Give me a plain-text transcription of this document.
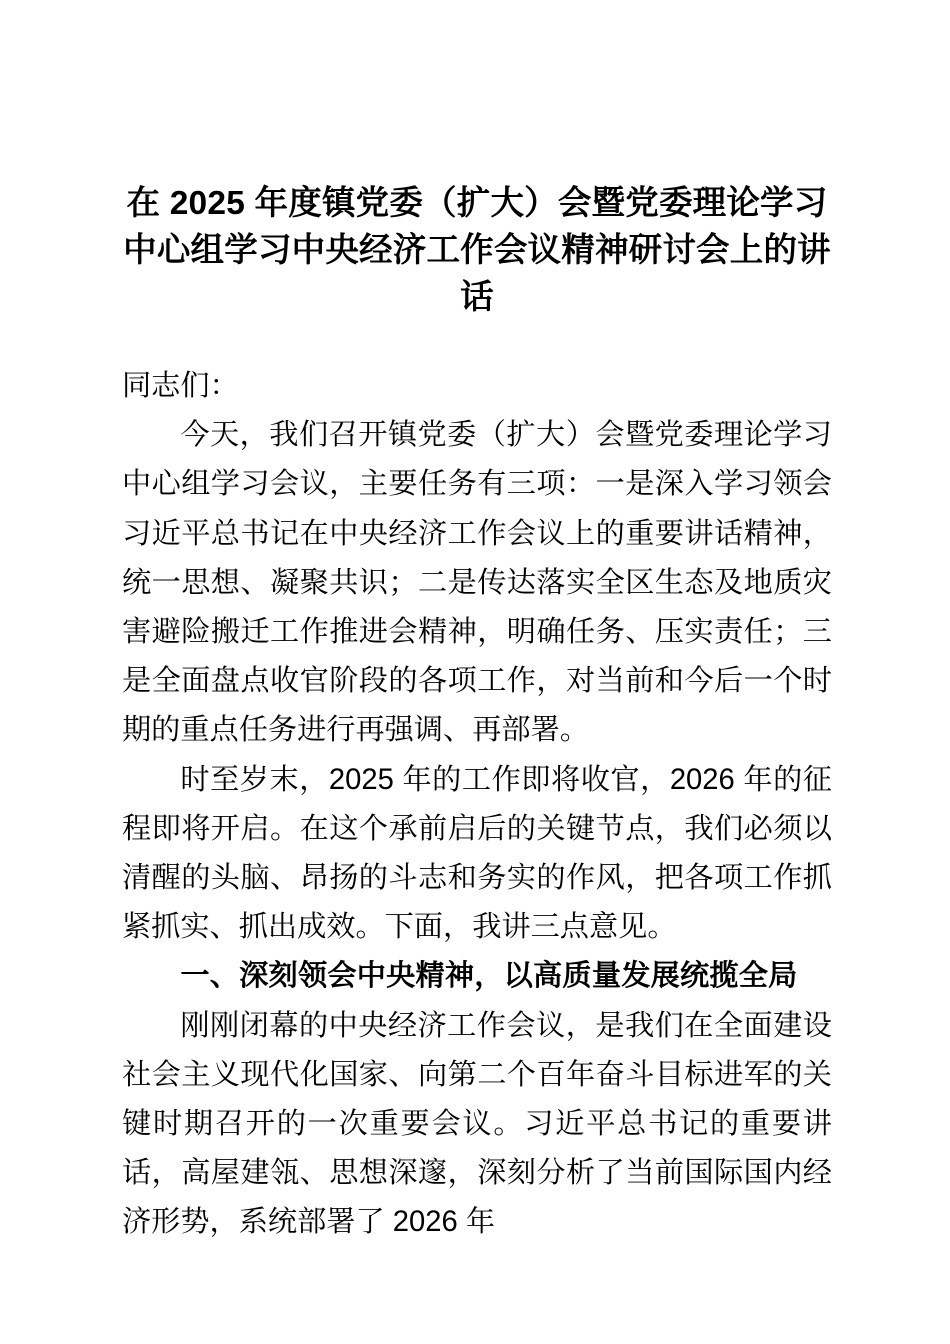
在 2025 年度镇党委（扩大）会暨党委理论学习中心组学习中央经济工作会议精神研讨会上的讲话

同志们：

今天，我们召开镇党委（扩大）会暨党委理论学习中心组学习会议，主要任务有三项：一是深入学习领会习近平总书记在中央经济工作会议上的重要讲话精神，统一思想、凝聚共识；二是传达落实全区生态及地质灾害避险搬迁工作推进会精神，明确任务、压实责任；三是全面盘点收官阶段的各项工作，对当前和今后一个时期的重点任务进行再强调、再部署。

时至岁末，2025 年的工作即将收官，2026 年的征程即将开启。在这个承前启后的关键节点，我们必须以清醒的头脑、昂扬的斗志和务实的作风，把各项工作抓紧抓实、抓出成效。下面，我讲三点意见。

一、深刻领会中央精神，以高质量发展统揽全局

刚刚闭幕的中央经济工作会议，是我们在全面建设社会主义现代化国家、向第二个百年奋斗目标进军的关键时期召开的一次重要会议。习近平总书记的重要讲话，高屋建瓴、思想深邃，深刻分析了当前国际国内经济形势，系统部署了 2026 年
